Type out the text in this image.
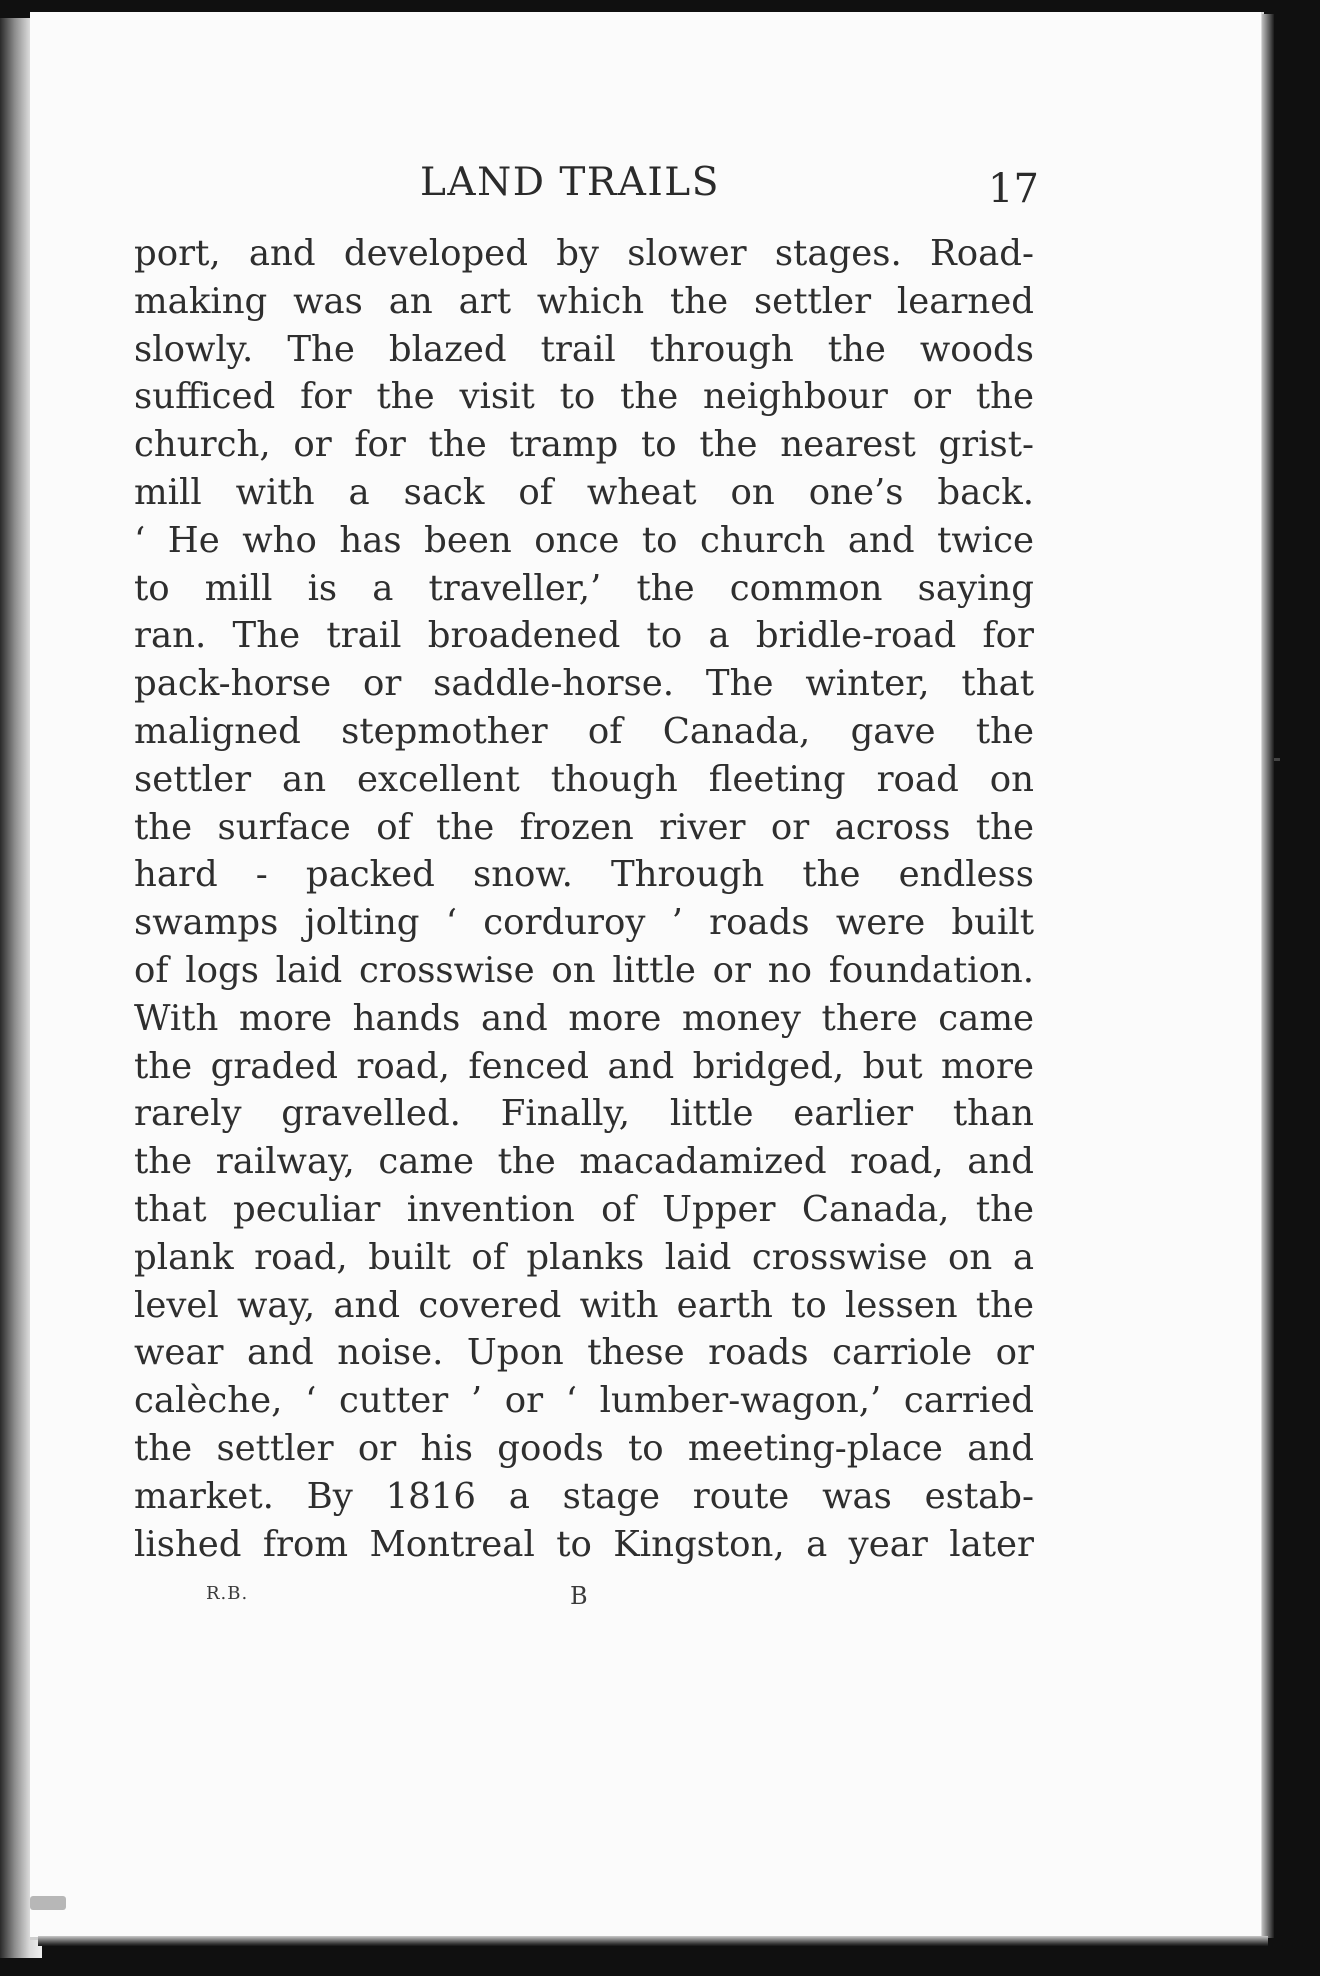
LAND TRAILS	17
port, and developed by slower stages. Road-
making was an art which the settler learned
slowly. The blazed trail through the woods
sufficed for the visit to the neighbour or the
church, or for the tramp to the nearest grist-
mill with a sack of wheat on one’s back.
‘ He who has been once to church and twice
to mill is a traveller,’ the common saying
ran. The trail broadened to a bridle-road for
pack-horse or saddle-horse. The winter, that
maligned stepmother of Canada, gave the
settler an excellent though fleeting road on
the surface of the frozen river or across the
hard - packed snow. Through the endless
swamps jolting ‘ corduroy ’ roads were built
of logs laid crosswise on little or no foundation.
With more hands and more money there came
the graded road, fenced and bridged, but more
rarely gravelled. Finally, little earlier than
the railway, came the macadamized road, and
that peculiar invention of Upper Canada, the
plank road, built of planks laid crosswise on a
level way, and covered with earth to lessen the
wear and noise. Upon these roads carriole or
calèche, ‘ cutter ’ or ‘ lumber-wagon,’ carried
the settler or his goods to meeting-place and
market. By 1816 a stage route was estab-
lished from Montreal to Kingston, a year later
R.B.	B
